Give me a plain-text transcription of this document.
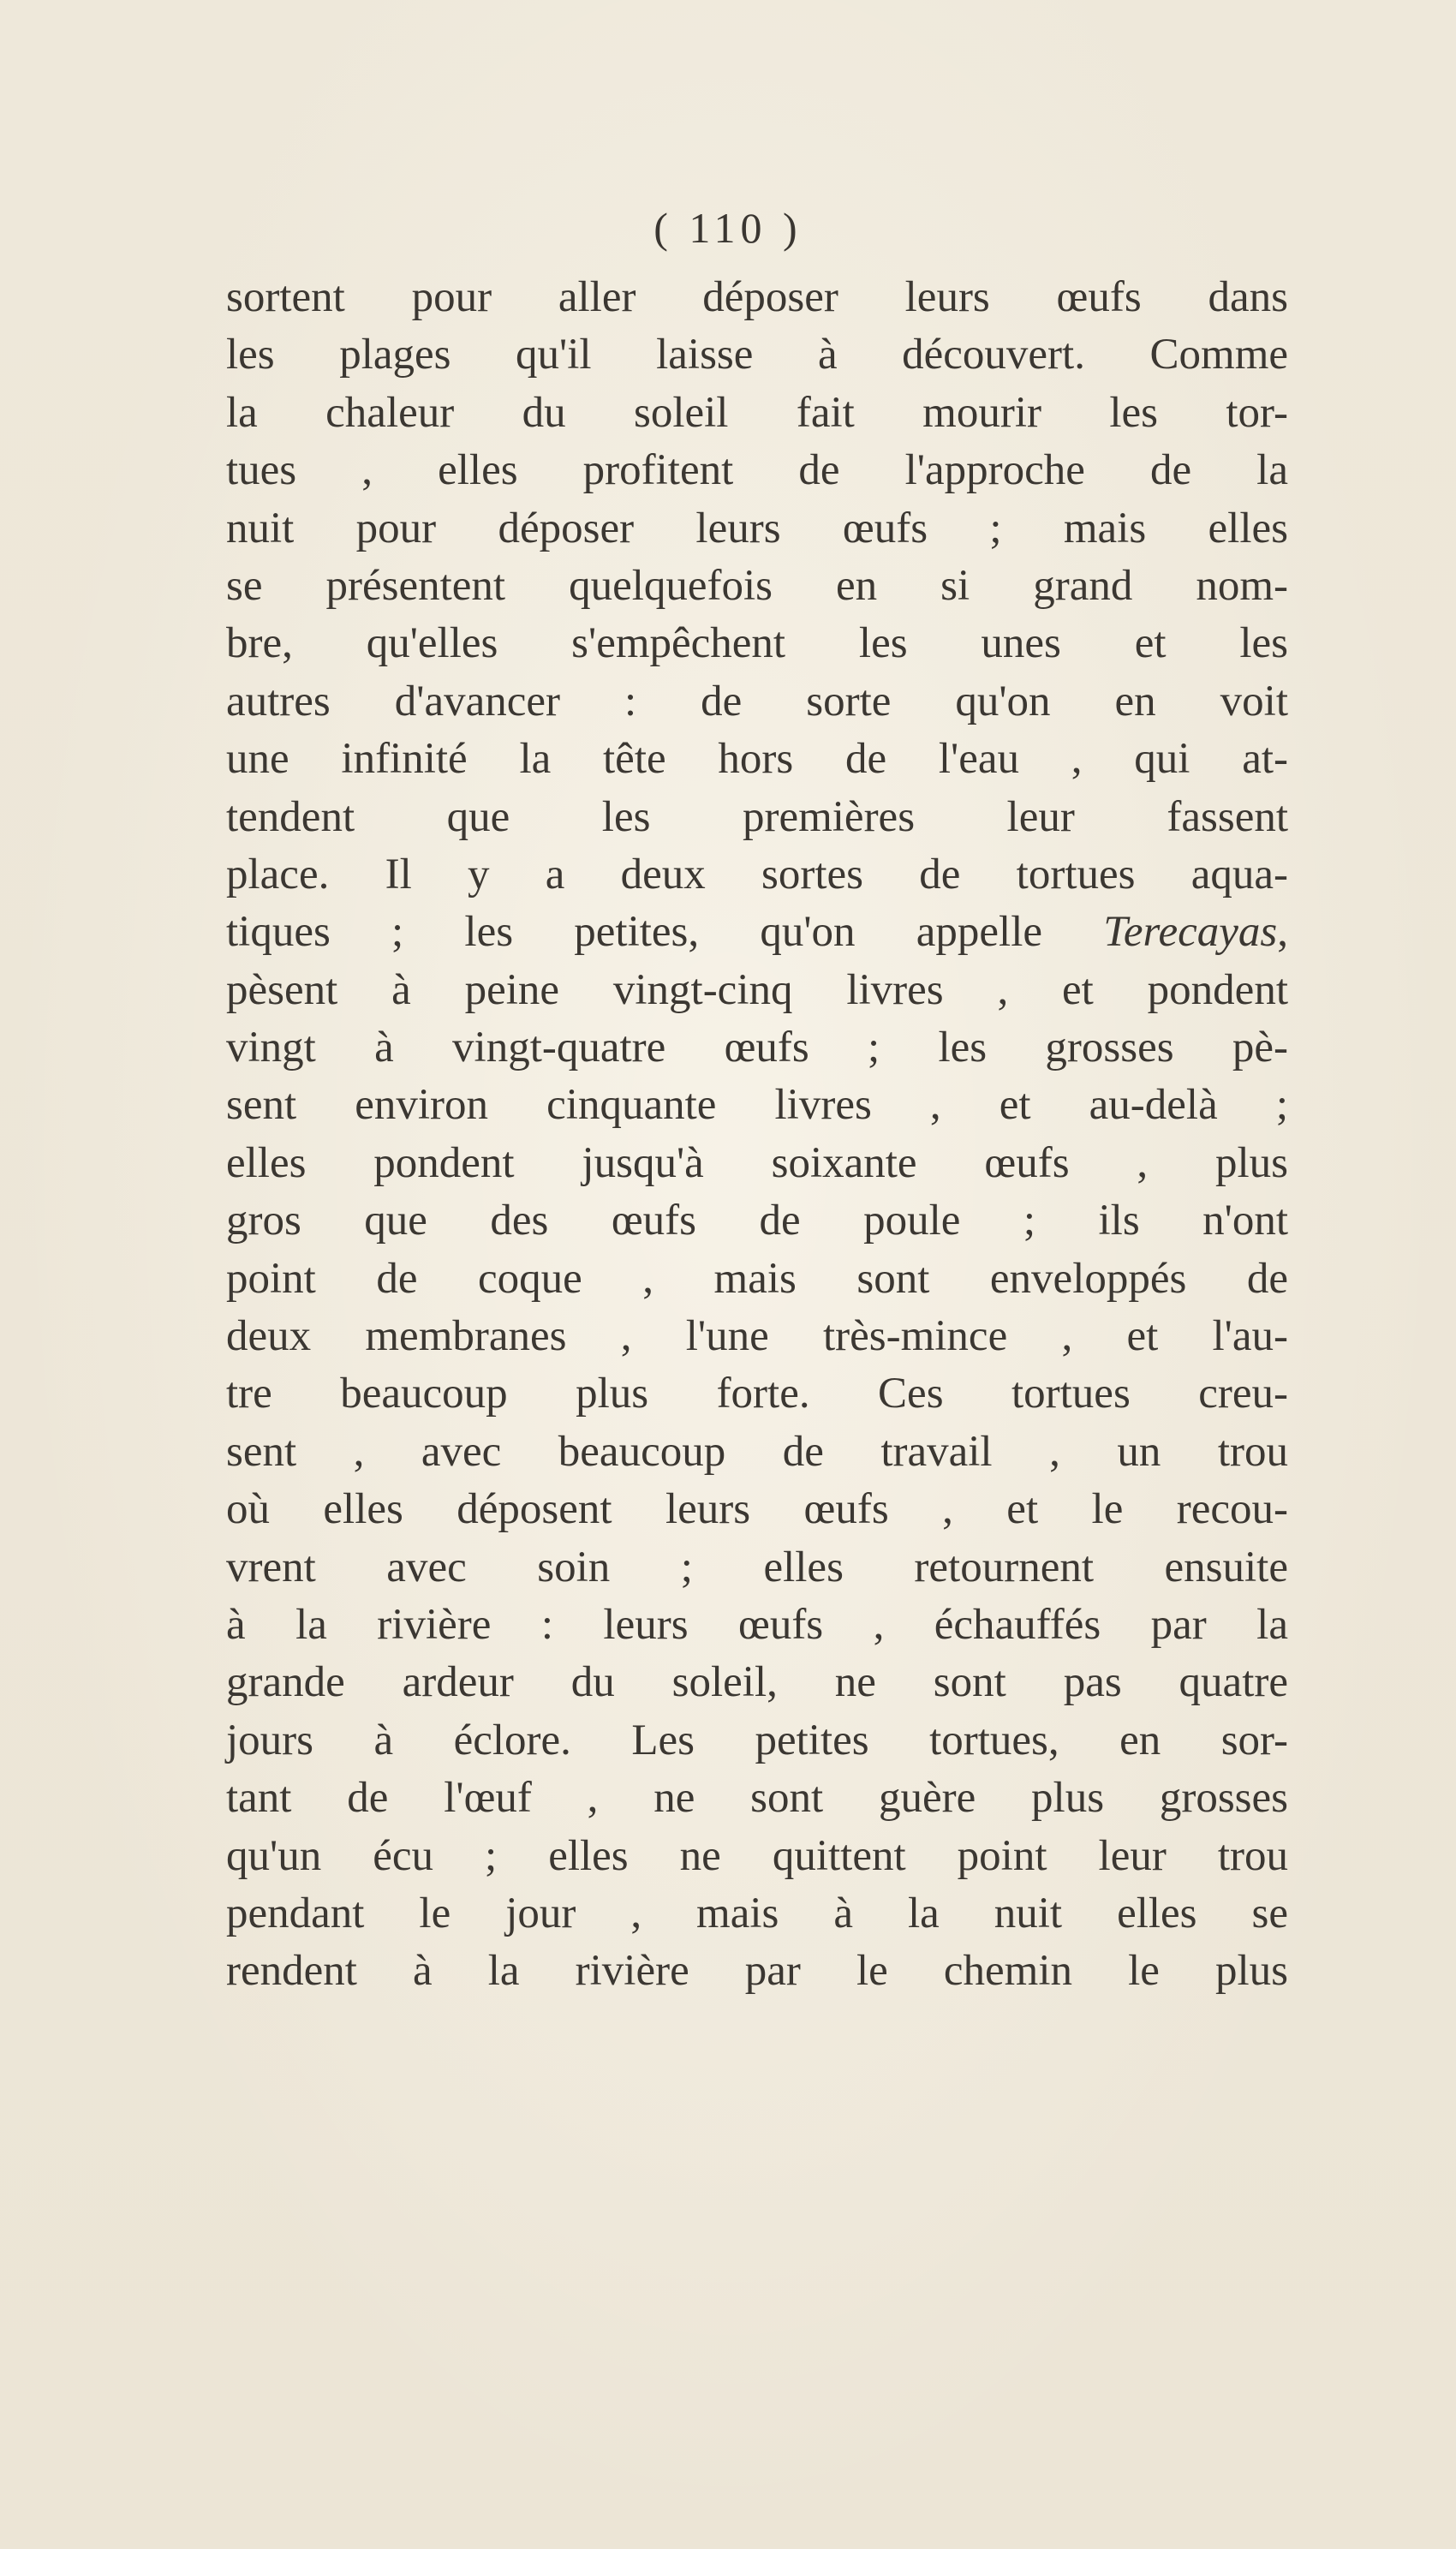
( 110 )
sortent pour aller déposer leurs œufs dans
les plages qu'il laisse à découvert. Comme
la chaleur du soleil fait mourir les tor-
tues , elles profitent de l'approche de la
nuit pour déposer leurs œufs ; mais elles
se présentent quelquefois en si grand nom-
bre, qu'elles s'empêchent les unes et les
autres d'avancer : de sorte qu'on en voit
une infinité la tête hors de l'eau , qui at-
tendent que les premières leur fassent
place. Il y a deux sortes de tortues aqua-
tiques ; les petites, qu'on appelle Terecayas,
pèsent à peine vingt-cinq livres , et pondent
vingt à vingt-quatre œufs ; les grosses pè-
sent environ cinquante livres , et au-delà ;
elles pondent jusqu'à soixante œufs , plus
gros que des œufs de poule ; ils n'ont
point de coque , mais sont enveloppés de
deux membranes , l'une très-mince , et l'au-
tre beaucoup plus forte. Ces tortues creu-
sent , avec beaucoup de travail , un trou
où elles déposent leurs œufs , et le recou-
vrent avec soin ; elles retournent ensuite
à la rivière : leurs œufs , échauffés par la
grande ardeur du soleil, ne sont pas quatre
jours à éclore. Les petites tortues, en sor-
tant de l'œuf , ne sont guère plus grosses
qu'un écu ; elles ne quittent point leur trou
pendant le jour , mais à la nuit elles se
rendent à la rivière par le chemin le plus
